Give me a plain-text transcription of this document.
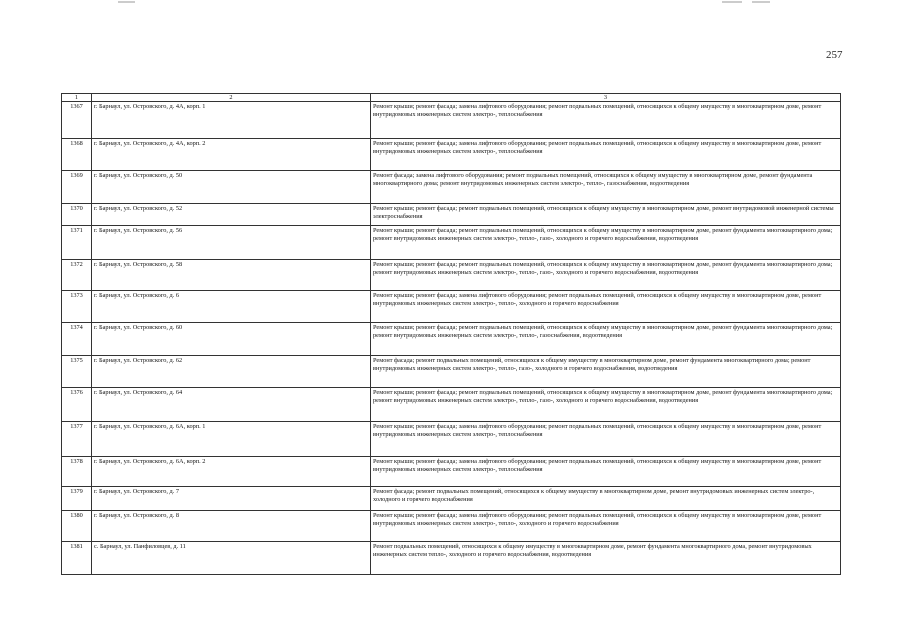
257
1	2	3
1367	г. Барнаул, ул. Островского, д. 4А, корп. 1	Ремонт крыши; ремонт фасада; замена лифтового оборудования; ремонт подвальных помещений, относящихся к общему имуществу в многоквартирном доме, ремонт внутридомовых инженерных систем электро-, теплоснабжения
1368	г. Барнаул, ул. Островского, д. 4А, корп. 2	Ремонт крыши; ремонт фасада; замена лифтового оборудования; ремонт подвальных помещений, относящихся к общему имуществу в многоквартирном доме, ремонт внутридомовых инженерных систем электро-, теплоснабжения
1369	г. Барнаул, ул. Островского, д. 50	Ремонт фасада; замена лифтового оборудования; ремонт подвальных помещений, относящихся к общему имуществу в многоквартирном доме, ремонт фундамента многоквартирного дома; ремонт внутридомовых инженерных систем электро-, тепло-, газоснабжения, водоотведения
1370	г. Барнаул, ул. Островского, д. 52	Ремонт крыши; ремонт фасада; ремонт подвальных помещений, относящихся к общему имуществу в многоквартирном доме, ремонт внутридомовой инженерной системы электроснабжения
1371	г. Барнаул, ул. Островского, д. 56	Ремонт крыши; ремонт фасада; ремонт подвальных помещений, относящихся к общему имуществу в многоквартирном доме, ремонт фундамента многоквартирного дома; ремонт внутридомовых инженерных систем электро-, тепло-, газо-, холодного и горячего водоснабжения, водоотведения
1372	г. Барнаул, ул. Островского, д. 58	Ремонт крыши; ремонт фасада; ремонт подвальных помещений, относящихся к общему имуществу в многоквартирном доме, ремонт фундамента многоквартирного дома; ремонт внутридомовых инженерных систем электро-, тепло-, газо-, холодного и горячего водоснабжения, водоотведения
1373	г. Барнаул, ул. Островского, д. 6	Ремонт крыши; ремонт фасада; замена лифтового оборудования; ремонт подвальных помещений, относящихся к общему имуществу в многоквартирном доме, ремонт внутридомовых инженерных систем электро-, тепло-, холодного и горячего водоснабжения
1374	г. Барнаул, ул. Островского, д. 60	Ремонт крыши; ремонт фасада; ремонт подвальных помещений, относящихся к общему имуществу в многоквартирном доме, ремонт фундамента многоквартирного дома; ремонт внутридомовых инженерных систем электро-, тепло-, газоснабжения, водоотведения
1375	г. Барнаул, ул. Островского, д. 62	Ремонт фасада; ремонт подвальных помещений, относящихся к общему имуществу в многоквартирном доме, ремонт фундамента многоквартирного дома; ремонт внутридомовых инженерных систем электро-, тепло-, газо-, холодного и горячего водоснабжения, водоотведения
1376	г. Барнаул, ул. Островского, д. 64	Ремонт крыши; ремонт фасада; ремонт подвальных помещений, относящихся к общему имуществу в многоквартирном доме, ремонт фундамента многоквартирного дома; ремонт внутридомовых инженерных систем электро-, тепло-, газо-, холодного и горячего водоснабжения, водоотведения
1377	г. Барнаул, ул. Островского, д. 6А, корп. 1	Ремонт крыши; ремонт фасада; замена лифтового оборудования; ремонт подвальных помещений, относящихся к общему имуществу в многоквартирном доме, ремонт внутридомовых инженерных систем электро-, теплоснабжения
1378	г. Барнаул, ул. Островского, д. 6А, корп. 2	Ремонт крыши; ремонт фасада; замена лифтового оборудования; ремонт подвальных помещений, относящихся к общему имуществу в многоквартирном доме, ремонт внутридомовых инженерных систем электро-, теплоснабжения
1379	г. Барнаул, ул. Островского, д. 7	Ремонт фасада; ремонт подвальных помещений, относящихся к общему имуществу в многоквартирном доме, ремонт внутридомовых инженерных систем электро-, холодного и горячего водоснабжения
1380	г. Барнаул, ул. Островского, д. 8	Ремонт крыши; ремонт фасада; замена лифтового оборудования; ремонт подвальных помещений, относящихся к общему имуществу в многоквартирном доме, ремонт внутридомовых инженерных систем электро-, тепло-, холодного и горячего водоснабжения
1381	с. Барнаул, ул. Панфиловцев, д. 11	Ремонт подвальных помещений, относящихся к общему имуществу в многоквартирном доме, ремонт фундамента многоквартирного дома, ремонт внутридомовых инженерных систем тепло-, холодного и горячего водоснабжения, водоотведения
